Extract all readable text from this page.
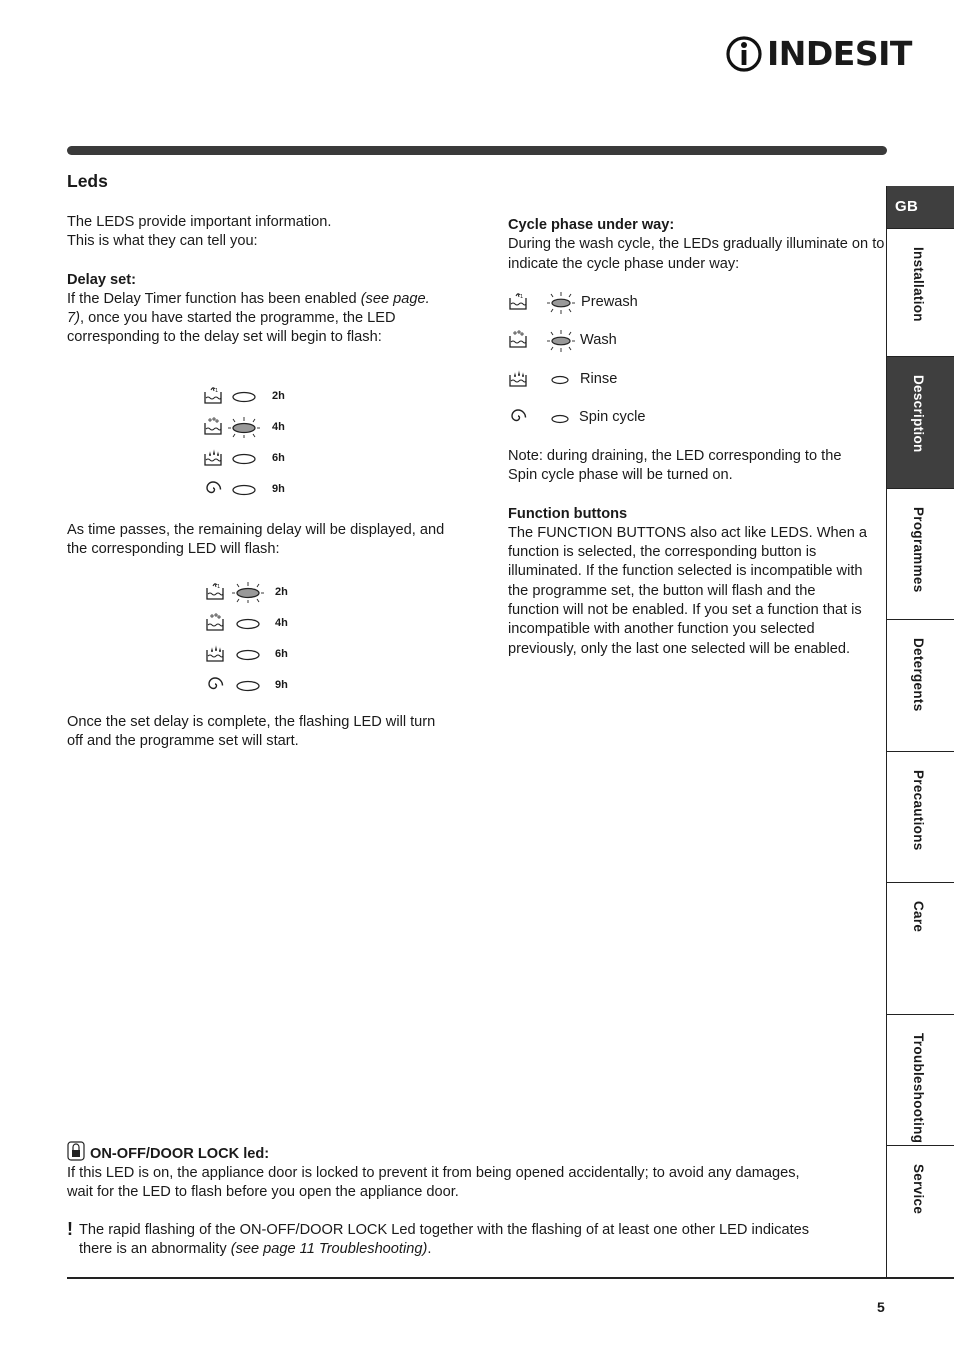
INDESIT
Leds

The LEDS provide important information.

This is what they can tell you:

Delay set:

If the Delay Timer function has been enabled (see page. 7), once you have started the programme, the LED corresponding to the delay set will begin to flash:

2h
4h
6h
9h

As time passes, the remaining delay will be displayed, and the corresponding LED will flash:

2h
4h
6h
9h

Once the set delay is complete, the flashing LED will turn off and the programme set will start.

Cycle phase under way:

During the wash cycle, the LEDs gradually illuminate on to indicate the cycle phase under way:

Prewash
Wash
Rinse
Spin cycle

Note: during draining, the LED corresponding to the Spin cycle phase will be turned on.

Function buttons

The FUNCTION BUTTONS also act like LEDS. When a function is selected, the corresponding button is illuminated. If the function selected is incompatible with the programme set, the button will flash and the function will not be enabled. If you set a function that is incompatible with another function you selected previously, only the last one selected will be enabled.

ON-OFF/DOOR LOCK led:

If this LED is on, the appliance door is locked to prevent it from being opened accidentally; to avoid any damages, wait for the LED to flash before you open the appliance door.

! The rapid flashing of the ON-OFF/DOOR LOCK Led together with the flashing of at least one other LED indicates there is an abnormality (see page 11 Troubleshooting).

5
GB
Installation
Description
Programmes
Detergents
Precautions
Care
Troubleshooting
Service
